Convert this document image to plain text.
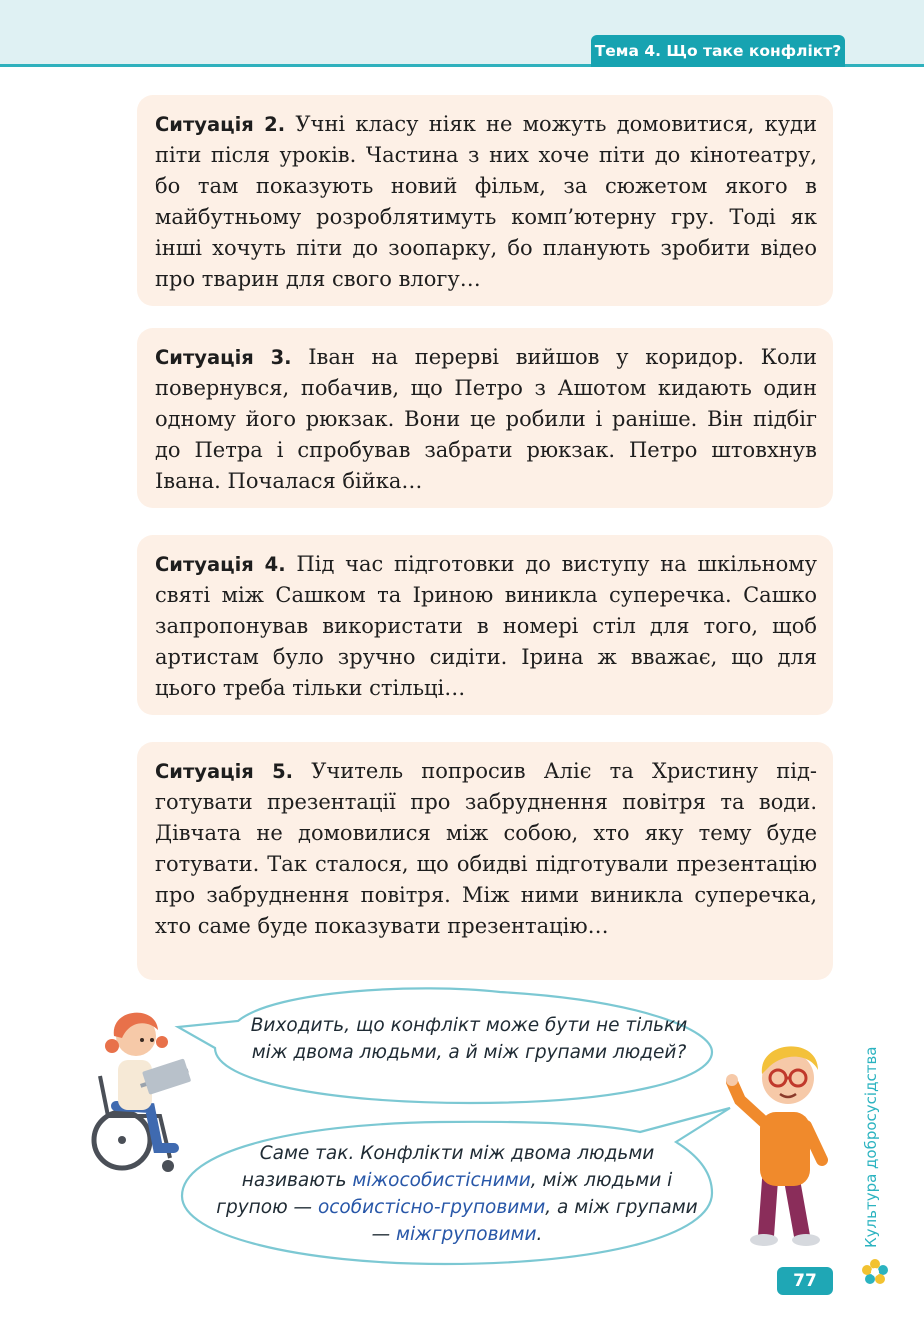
Тема 4. Що таке конфлікт?
Ситуація 2. Учні класу ніяк не можуть домовитися, куди піти після уроків. Частина з них хоче піти до кінотеатру, бо там показують новий фільм, за сюжетом якого в майбутньому розроблятимуть комп’ютерну гру. Тоді як інші хочуть піти до зоопарку, бо планують зробити відео про тварин для свого влогу…
Ситуація 3. Іван на перерві вийшов у коридор. Коли повернувся, побачив, що Петро з Ашотом кидають один одному його рюкзак. Вони це робили і раніше. Він підбіг до Петра і спробував забрати рюкзак. Петро штовхнув Івана. Почалася бійка…
Ситуація 4. Під час підготовки до виступу на шкільному святі між Сашком та Іриною виникла суперечка. Сашко запропонував використати в номері стіл для того, щоб артистам було зручно сидіти. Ірина ж вважає, що для цього треба тільки стільці…
Ситуація 5. Учитель попросив Аліє та Христину підготувати презентації про забруднення повітря та води. Дівчата не домовилися між собою, хто яку тему буде готувати. Так сталося, що обидві підготували презентацію про забруднення повітря. Між ними виникла суперечка, хто саме буде показувати презентацію…
Виходить, що конфлікт може бути не тільки між двома людьми, а й між групами людей?
Саме так. Конфлікти між двома людьми називають міжособистісними, між людьми і групою — особистісно-груповими, а між групами — міжгруповими.	Культура добросусідства
77
